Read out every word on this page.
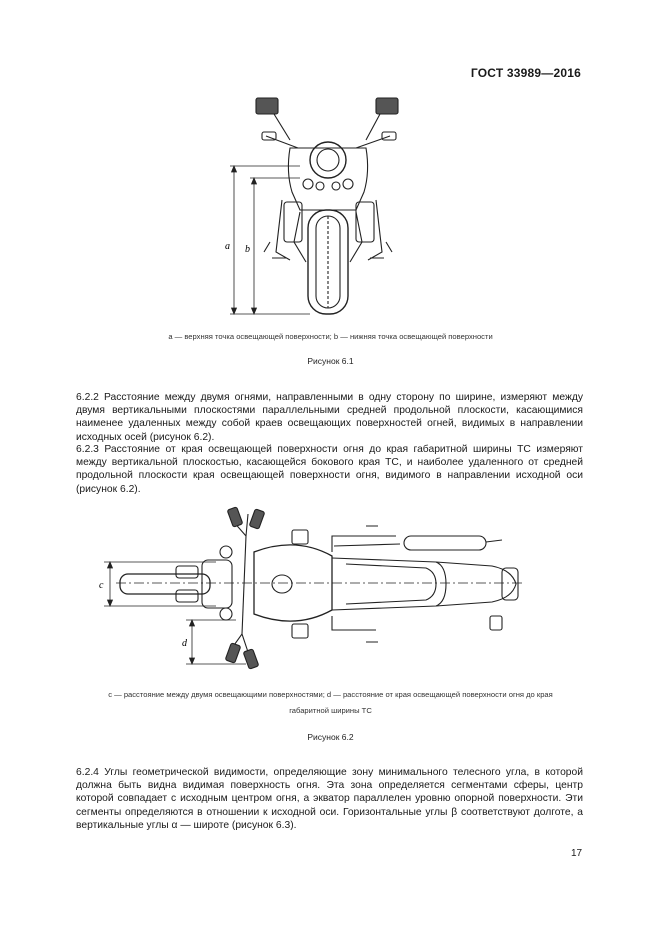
ГОСТ 33989—2016
a b
a — верхняя точка освещающей поверхности; b — нижняя точка освещающей поверхности
Рисунок 6.1

6.2.2 Расстояние между двумя огнями, направленными в одну сторону по ширине, измеряют между двумя вертикальными плоскостями параллельными средней продольной плоскости, касающимися наименее удаленных между собой краев освещающих поверхностей огней, видимых в направлении исходных осей (рисунок 6.2).

6.2.3 Расстояние от края освещающей поверхности огня до края габаритной ширины ТС измеряют между вертикальной плоскостью, касающейся бокового края ТС, и наиболее удаленного от средней продольной плоскости края освещающей поверхности огня, видимого в направлении исходной оси (рисунок 6.2).

c
d
c — расстояние между двумя освещающими поверхностями; d — расстояние от края освещающей поверхности огня до края
габаритной ширины ТС
Рисунок 6.2

6.2.4 Углы геометрической видимости, определяющие зону минимального телесного угла, в которой должна быть видна видимая поверхность огня. Эта зона определяется сегментами сферы, центр которой совпадает с исходным центром огня, а экватор параллелен уровню опорной поверхности. Эти сегменты определяются в отношении к исходной оси. Горизонтальные углы β соответствуют долготе, а вертикальные углы α — широте (рисунок 6.3).

17
